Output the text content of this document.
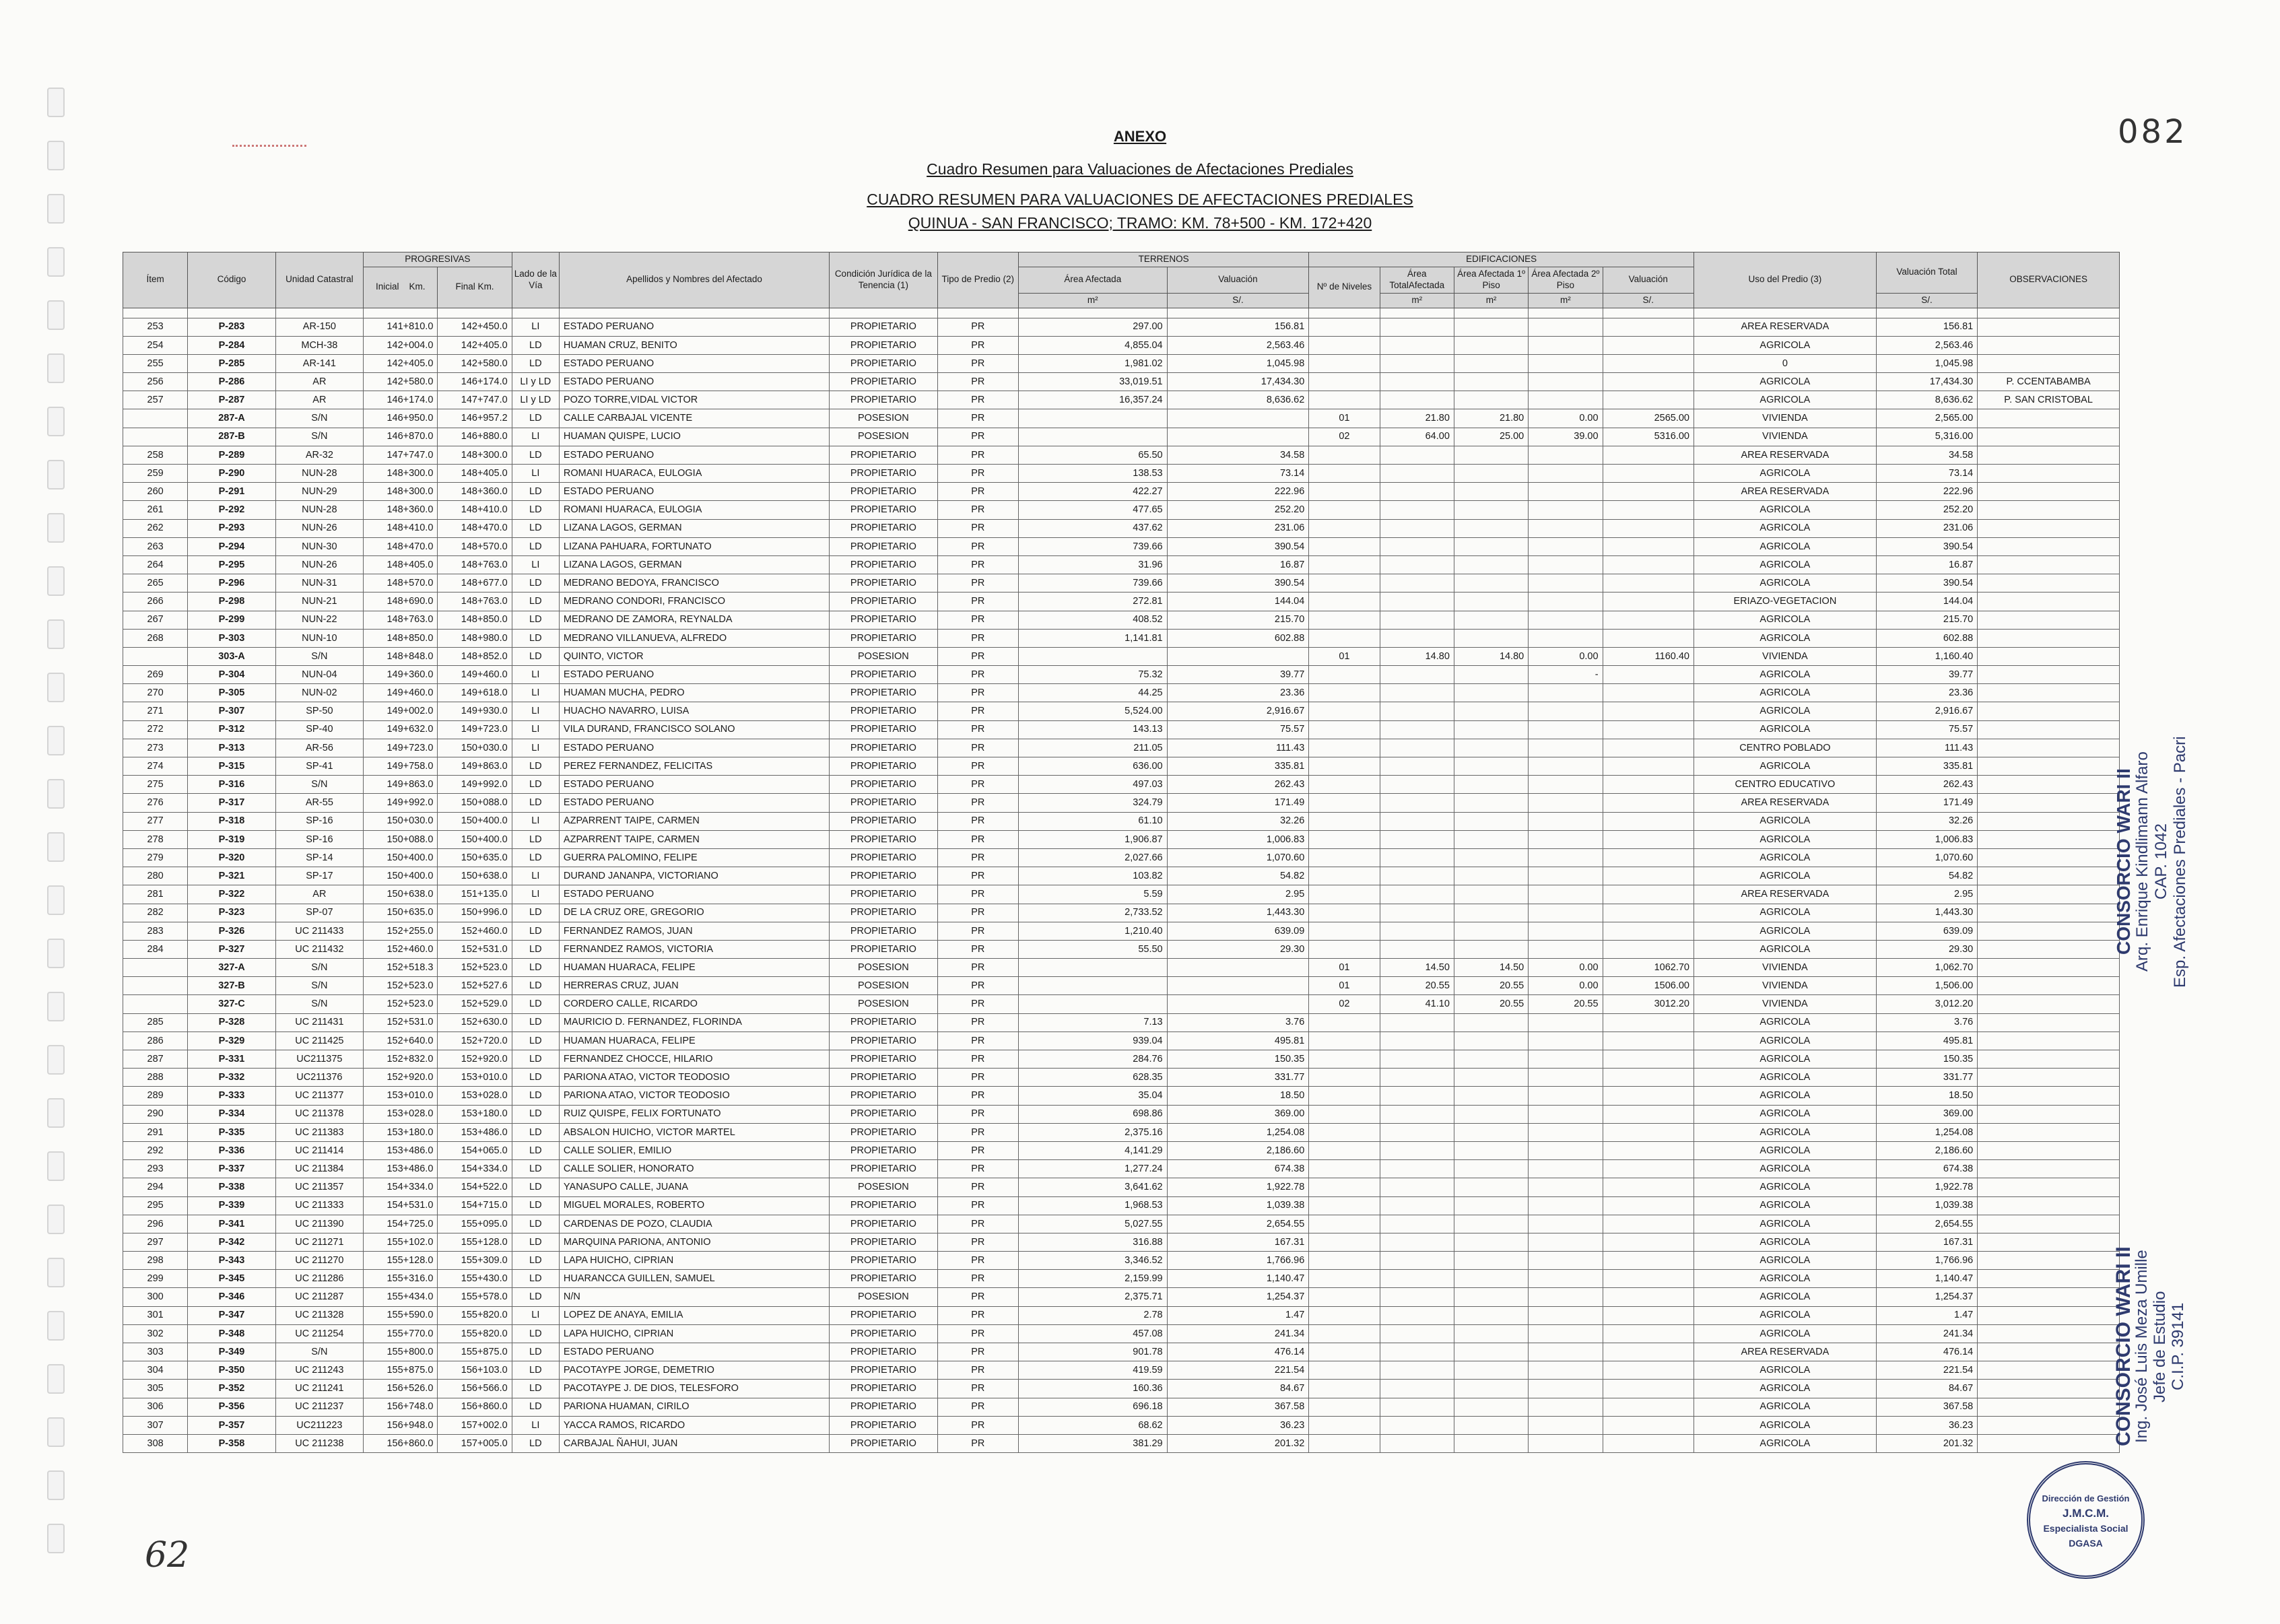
ANEXO
Cuadro Resumen para Valuaciones de Afectaciones Prediales
CUADRO RESUMEN PARA VALUACIONES DE AFECTACIONES PREDIALES
QUINUA - SAN FRANCISCO; TRAMO: KM. 78+500 - KM. 172+420
082
Ítem	Código	Unidad Catastral	PROGRESIVAS		Lado de la Vía	Apellidos y Nombres del Afectado	Condición Jurídica de la Tenencia (1)	Tipo de Predio (2)	TERRENOS		EDIFICACIONES					Uso del Predio (3)	Valuación Total	OBSERVACIONES
			Inicial Km.	Final Km.					Área Afectada	Valuación	Nº de Niveles	Área TotalAfectada	Área Afectada 1º Piso	Área Afectada 2º Piso	Valuación			
									m²	S/.		m²	m²	m²	S/.		S/.	

253	P-283	AR-150	141+810.0	142+450.0	LI	ESTADO PERUANO	PROPIETARIO	PR	297.00	156.81						AREA RESERVADA	156.81	
254	P-284	MCH-38	142+004.0	142+405.0	LD	HUAMAN CRUZ, BENITO	PROPIETARIO	PR	4,855.04	2,563.46						AGRICOLA	2,563.46	
255	P-285	AR-141	142+405.0	142+580.0	LD	ESTADO PERUANO	PROPIETARIO	PR	1,981.02	1,045.98						0	1,045.98	
256	P-286	AR	142+580.0	146+174.0	LI y LD	ESTADO PERUANO	PROPIETARIO	PR	33,019.51	17,434.30						AGRICOLA	17,434.30	P. CCENTABAMBA
257	P-287	AR	146+174.0	147+747.0	LI y LD	POZO TORRE,VIDAL VICTOR	PROPIETARIO	PR	16,357.24	8,636.62						AGRICOLA	8,636.62	P. SAN CRISTOBAL
	287-A	S/N	146+950.0	146+957.2	LD	CALLE CARBAJAL VICENTE	POSESION	PR			01	21.80	21.80	0.00	2565.00	VIVIENDA	2,565.00	
	287-B	S/N	146+870.0	146+880.0	LI	HUAMAN QUISPE, LUCIO	POSESION	PR			02	64.00	25.00	39.00	5316.00	VIVIENDA	5,316.00	
258	P-289	AR-32	147+747.0	148+300.0	LD	ESTADO PERUANO	PROPIETARIO	PR	65.50	34.58						AREA RESERVADA	34.58	
259	P-290	NUN-28	148+300.0	148+405.0	LI	ROMANI HUARACA, EULOGIA	PROPIETARIO	PR	138.53	73.14						AGRICOLA	73.14	
260	P-291	NUN-29	148+300.0	148+360.0	LD	ESTADO PERUANO	PROPIETARIO	PR	422.27	222.96						AREA RESERVADA	222.96	
261	P-292	NUN-28	148+360.0	148+410.0	LD	ROMANI HUARACA, EULOGIA	PROPIETARIO	PR	477.65	252.20						AGRICOLA	252.20	
262	P-293	NUN-26	148+410.0	148+470.0	LD	LIZANA LAGOS, GERMAN	PROPIETARIO	PR	437.62	231.06						AGRICOLA	231.06	
263	P-294	NUN-30	148+470.0	148+570.0	LD	LIZANA PAHUARA, FORTUNATO	PROPIETARIO	PR	739.66	390.54						AGRICOLA	390.54	
264	P-295	NUN-26	148+405.0	148+763.0	LI	LIZANA LAGOS, GERMAN	PROPIETARIO	PR	31.96	16.87						AGRICOLA	16.87	
265	P-296	NUN-31	148+570.0	148+677.0	LD	MEDRANO BEDOYA, FRANCISCO	PROPIETARIO	PR	739.66	390.54						AGRICOLA	390.54	
266	P-298	NUN-21	148+690.0	148+763.0	LD	MEDRANO CONDORI, FRANCISCO	PROPIETARIO	PR	272.81	144.04						ERIAZO-VEGETACION	144.04	
267	P-299	NUN-22	148+763.0	148+850.0	LD	MEDRANO DE ZAMORA, REYNALDA	PROPIETARIO	PR	408.52	215.70						AGRICOLA	215.70	
268	P-303	NUN-10	148+850.0	148+980.0	LD	MEDRANO VILLANUEVA, ALFREDO	PROPIETARIO	PR	1,141.81	602.88						AGRICOLA	602.88	
	303-A	S/N	148+848.0	148+852.0	LD	QUINTO, VICTOR	POSESION	PR			01	14.80	14.80	0.00	1160.40	VIVIENDA	1,160.40	
269	P-304	NUN-04	149+360.0	149+460.0	LI	ESTADO PERUANO	PROPIETARIO	PR	75.32	39.77				-		AGRICOLA	39.77	
270	P-305	NUN-02	149+460.0	149+618.0	LI	HUAMAN MUCHA, PEDRO	PROPIETARIO	PR	44.25	23.36						AGRICOLA	23.36	
271	P-307	SP-50	149+002.0	149+930.0	LI	HUACHO NAVARRO, LUISA	PROPIETARIO	PR	5,524.00	2,916.67						AGRICOLA	2,916.67	
272	P-312	SP-40	149+632.0	149+723.0	LI	VILA DURAND, FRANCISCO SOLANO	PROPIETARIO	PR	143.13	75.57						AGRICOLA	75.57	
273	P-313	AR-56	149+723.0	150+030.0	LI	ESTADO PERUANO	PROPIETARIO	PR	211.05	111.43						CENTRO POBLADO	111.43	
274	P-315	SP-41	149+758.0	149+863.0	LD	PEREZ FERNANDEZ, FELICITAS	PROPIETARIO	PR	636.00	335.81						AGRICOLA	335.81	
275	P-316	S/N	149+863.0	149+992.0	LD	ESTADO PERUANO	PROPIETARIO	PR	497.03	262.43						CENTRO EDUCATIVO	262.43	
276	P-317	AR-55	149+992.0	150+088.0	LD	ESTADO PERUANO	PROPIETARIO	PR	324.79	171.49						AREA RESERVADA	171.49	
277	P-318	SP-16	150+030.0	150+400.0	LI	AZPARRENT TAIPE, CARMEN	PROPIETARIO	PR	61.10	32.26						AGRICOLA	32.26	
278	P-319	SP-16	150+088.0	150+400.0	LD	AZPARRENT TAIPE, CARMEN	PROPIETARIO	PR	1,906.87	1,006.83						AGRICOLA	1,006.83	
279	P-320	SP-14	150+400.0	150+635.0	LD	GUERRA PALOMINO, FELIPE	PROPIETARIO	PR	2,027.66	1,070.60						AGRICOLA	1,070.60	
280	P-321	SP-17	150+400.0	150+638.0	LI	DURAND JANANPA, VICTORIANO	PROPIETARIO	PR	103.82	54.82						AGRICOLA	54.82	
281	P-322	AR	150+638.0	151+135.0	LI	ESTADO PERUANO	PROPIETARIO	PR	5.59	2.95						AREA RESERVADA	2.95	
282	P-323	SP-07	150+635.0	150+996.0	LD	DE LA CRUZ ORE, GREGORIO	PROPIETARIO	PR	2,733.52	1,443.30						AGRICOLA	1,443.30	
283	P-326	UC 211433	152+255.0	152+460.0	LD	FERNANDEZ RAMOS, JUAN	PROPIETARIO	PR	1,210.40	639.09						AGRICOLA	639.09	
284	P-327	UC 211432	152+460.0	152+531.0	LD	FERNANDEZ RAMOS, VICTORIA	PROPIETARIO	PR	55.50	29.30						AGRICOLA	29.30	
	327-A	S/N	152+518.3	152+523.0	LD	HUAMAN HUARACA, FELIPE	POSESION	PR			01	14.50	14.50	0.00	1062.70	VIVIENDA	1,062.70	
	327-B	S/N	152+523.0	152+527.6	LD	HERRERAS CRUZ, JUAN	POSESION	PR			01	20.55	20.55	0.00	1506.00	VIVIENDA	1,506.00	
	327-C	S/N	152+523.0	152+529.0	LD	CORDERO CALLE, RICARDO	POSESION	PR			02	41.10	20.55	20.55	3012.20	VIVIENDA	3,012.20	
285	P-328	UC 211431	152+531.0	152+630.0	LD	MAURICIO D. FERNANDEZ, FLORINDA	PROPIETARIO	PR	7.13	3.76						AGRICOLA	3.76	
286	P-329	UC 211425	152+640.0	152+720.0	LD	HUAMAN HUARACA, FELIPE	PROPIETARIO	PR	939.04	495.81						AGRICOLA	495.81	
287	P-331	UC211375	152+832.0	152+920.0	LD	FERNANDEZ CHOCCE, HILARIO	PROPIETARIO	PR	284.76	150.35						AGRICOLA	150.35	
288	P-332	UC211376	152+920.0	153+010.0	LD	PARIONA ATAO, VICTOR TEODOSIO	PROPIETARIO	PR	628.35	331.77						AGRICOLA	331.77	
289	P-333	UC 211377	153+010.0	153+028.0	LD	PARIONA ATAO, VICTOR TEODOSIO	PROPIETARIO	PR	35.04	18.50						AGRICOLA	18.50	
290	P-334	UC 211378	153+028.0	153+180.0	LD	RUIZ QUISPE, FELIX FORTUNATO	PROPIETARIO	PR	698.86	369.00						AGRICOLA	369.00	
291	P-335	UC 211383	153+180.0	153+486.0	LD	ABSALON HUICHO, VICTOR MARTEL	PROPIETARIO	PR	2,375.16	1,254.08						AGRICOLA	1,254.08	
292	P-336	UC 211414	153+486.0	154+065.0	LD	CALLE SOLIER, EMILIO	PROPIETARIO	PR	4,141.29	2,186.60						AGRICOLA	2,186.60	
293	P-337	UC 211384	153+486.0	154+334.0	LD	CALLE SOLIER, HONORATO	PROPIETARIO	PR	1,277.24	674.38						AGRICOLA	674.38	
294	P-338	UC 211357	154+334.0	154+522.0	LD	YANASUPO CALLE, JUANA	POSESION	PR	3,641.62	1,922.78						AGRICOLA	1,922.78	
295	P-339	UC 211333	154+531.0	154+715.0	LD	MIGUEL MORALES, ROBERTO	PROPIETARIO	PR	1,968.53	1,039.38						AGRICOLA	1,039.38	
296	P-341	UC 211390	154+725.0	155+095.0	LD	CARDENAS DE POZO, CLAUDIA	PROPIETARIO	PR	5,027.55	2,654.55						AGRICOLA	2,654.55	
297	P-342	UC 211271	155+102.0	155+128.0	LD	MARQUINA PARIONA, ANTONIO	PROPIETARIO	PR	316.88	167.31						AGRICOLA	167.31	
298	P-343	UC 211270	155+128.0	155+309.0	LD	LAPA HUICHO, CIPRIAN	PROPIETARIO	PR	3,346.52	1,766.96						AGRICOLA	1,766.96	
299	P-345	UC 211286	155+316.0	155+430.0	LD	HUARANCCA GUILLEN, SAMUEL	PROPIETARIO	PR	2,159.99	1,140.47						AGRICOLA	1,140.47	
300	P-346	UC 211287	155+434.0	155+578.0	LD	N/N	POSESION	PR	2,375.71	1,254.37						AGRICOLA	1,254.37	
301	P-347	UC 211328	155+590.0	155+820.0	LI	LOPEZ DE ANAYA, EMILIA	PROPIETARIO	PR	2.78	1.47						AGRICOLA	1.47	
302	P-348	UC 211254	155+770.0	155+820.0	LD	LAPA HUICHO, CIPRIAN	PROPIETARIO	PR	457.08	241.34						AGRICOLA	241.34	
303	P-349	S/N	155+800.0	155+875.0	LD	ESTADO PERUANO	PROPIETARIO	PR	901.78	476.14						AREA RESERVADA	476.14	
304	P-350	UC 211243	155+875.0	156+103.0	LD	PACOTAYPE JORGE, DEMETRIO	PROPIETARIO	PR	419.59	221.54						AGRICOLA	221.54	
305	P-352	UC 211241	156+526.0	156+566.0	LD	PACOTAYPE J. DE DIOS, TELESFORO	PROPIETARIO	PR	160.36	84.67						AGRICOLA	84.67	
306	P-356	UC 211237	156+748.0	156+860.0	LD	PARIONA HUAMAN, CIRILO	PROPIETARIO	PR	696.18	367.58						AGRICOLA	367.58	
307	P-357	UC211223	156+948.0	157+002.0	LI	YACCA RAMOS, RICARDO	PROPIETARIO	PR	68.62	36.23						AGRICOLA	36.23	
308	P-358	UC 211238	156+860.0	157+005.0	LD	CARBAJAL ÑAHUI, JUAN	PROPIETARIO	PR	381.29	201.32						AGRICOLA	201.32	
CONSORCIO WARI II Arq. Enrique Kindlimann Alfaro CAP. 1042 Esp. Afectaciones Prediales - Pacri
CONSORCIO WARI II
Ing. José Luis Meza Umille Jefe de Estudio C.I.P. 39141
Dirección de Gestión
J.M.C.M.
Especialista Social
DGASA
62
